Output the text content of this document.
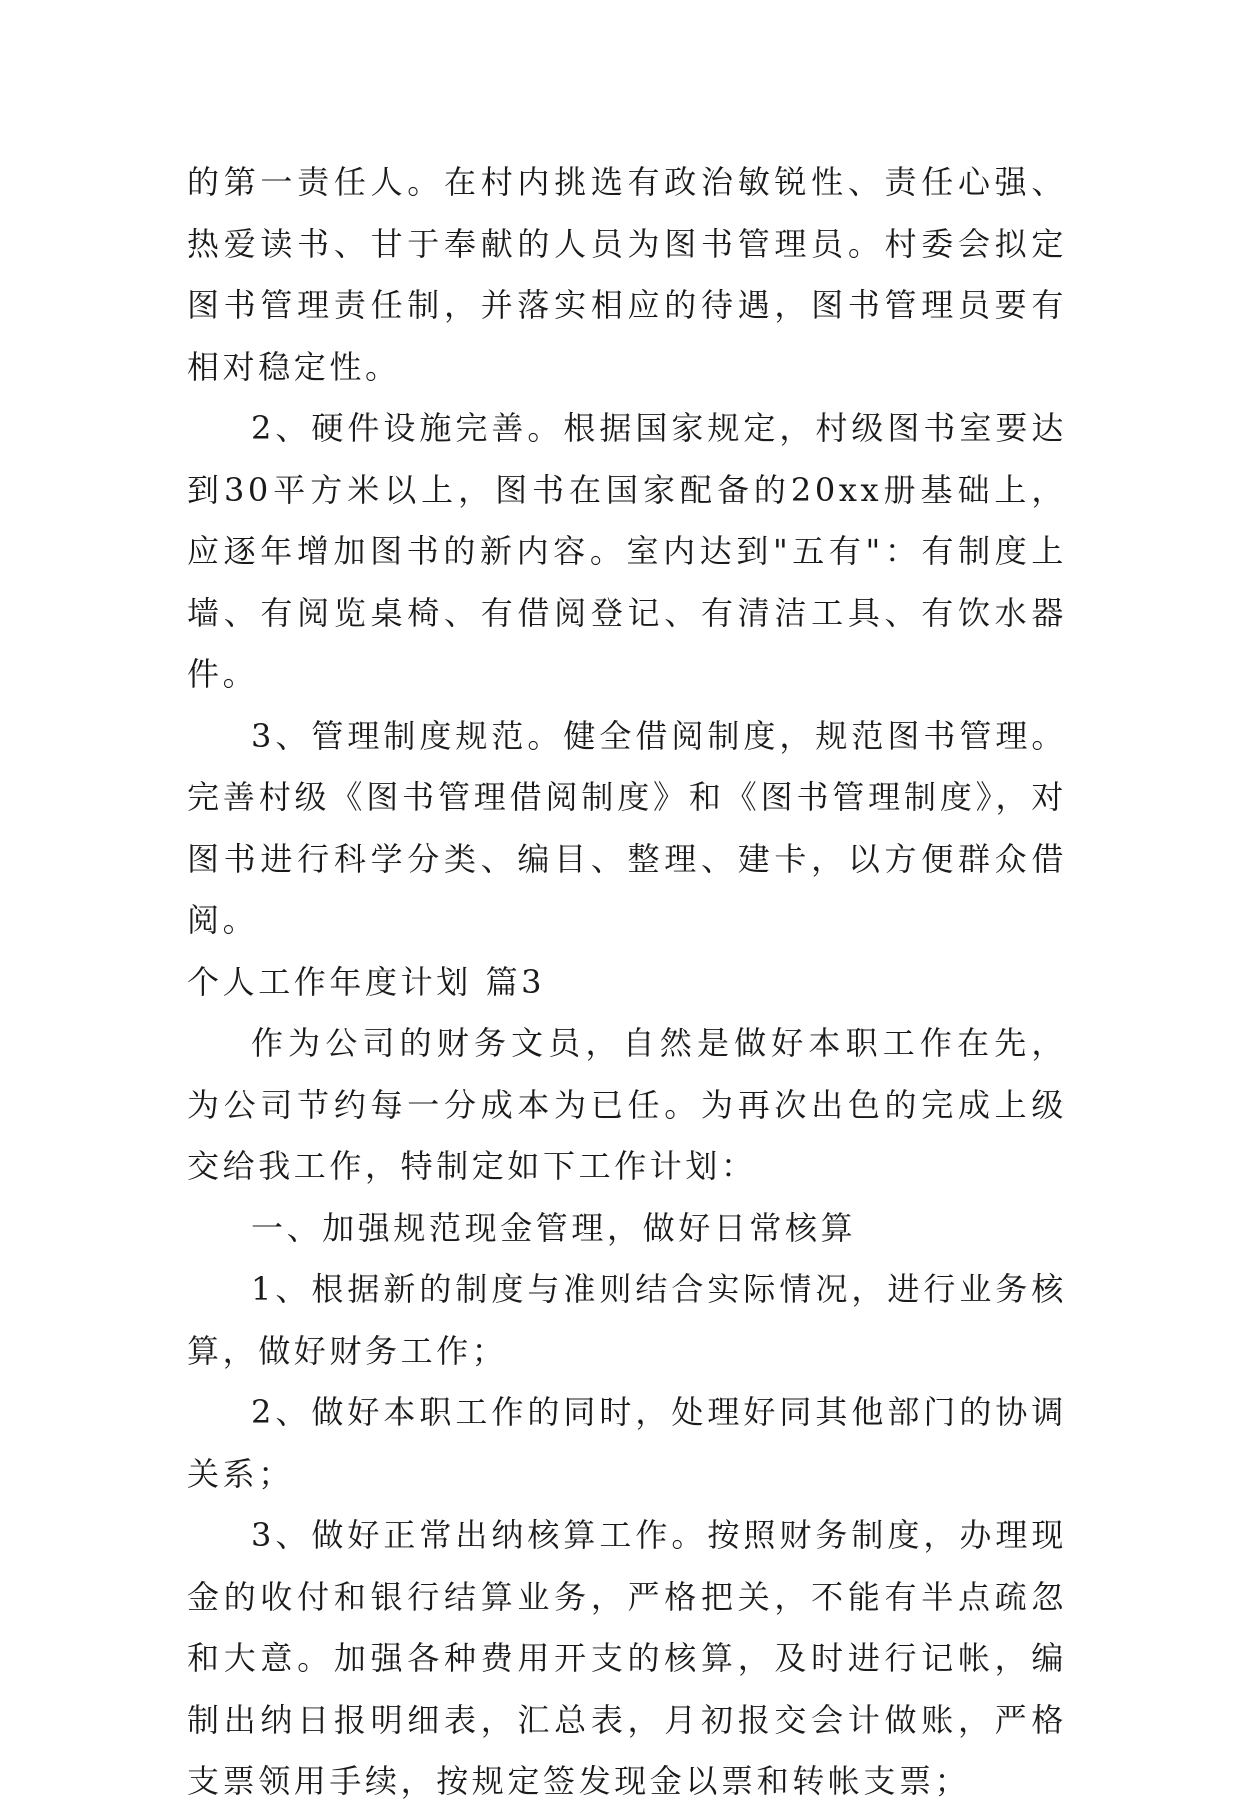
的第一责任人。在村内挑选有政治敏锐性、责任心强、热爱读书、甘于奉献的人员为图书管理员。村委会拟定图书管理责任制，并落实相应的待遇，图书管理员要有相对稳定性。

2、硬件设施完善。根据国家规定，村级图书室要达到30平方米以上，图书在国家配备的20xx册基础上，应逐年增加图书的新内容。室内达到"五有"：有制度上墙、有阅览桌椅、有借阅登记、有清洁工具、有饮水器件。

3、管理制度规范。健全借阅制度，规范图书管理。完善村级《图书管理借阅制度》和《图书管理制度》，对图书进行科学分类、编目、整理、建卡，以方便群众借阅。

个人工作年度计划 篇3

作为公司的财务文员，自然是做好本职工作在先，为公司节约每一分成本为已任。为再次出色的完成上级交给我工作，特制定如下工作计划：

一、加强规范现金管理，做好日常核算

1、根据新的制度与准则结合实际情况，进行业务核算，做好财务工作；

2、做好本职工作的同时，处理好同其他部门的协调关系；

3、做好正常出纳核算工作。按照财务制度，办理现金的收付和银行结算业务，严格把关，不能有半点疏忽和大意。加强各种费用开支的核算，及时进行记帐，编制出纳日报明细表，汇总表，月初报交会计做账，严格支票领用手续，按规定签发现金以票和转帐支票；
